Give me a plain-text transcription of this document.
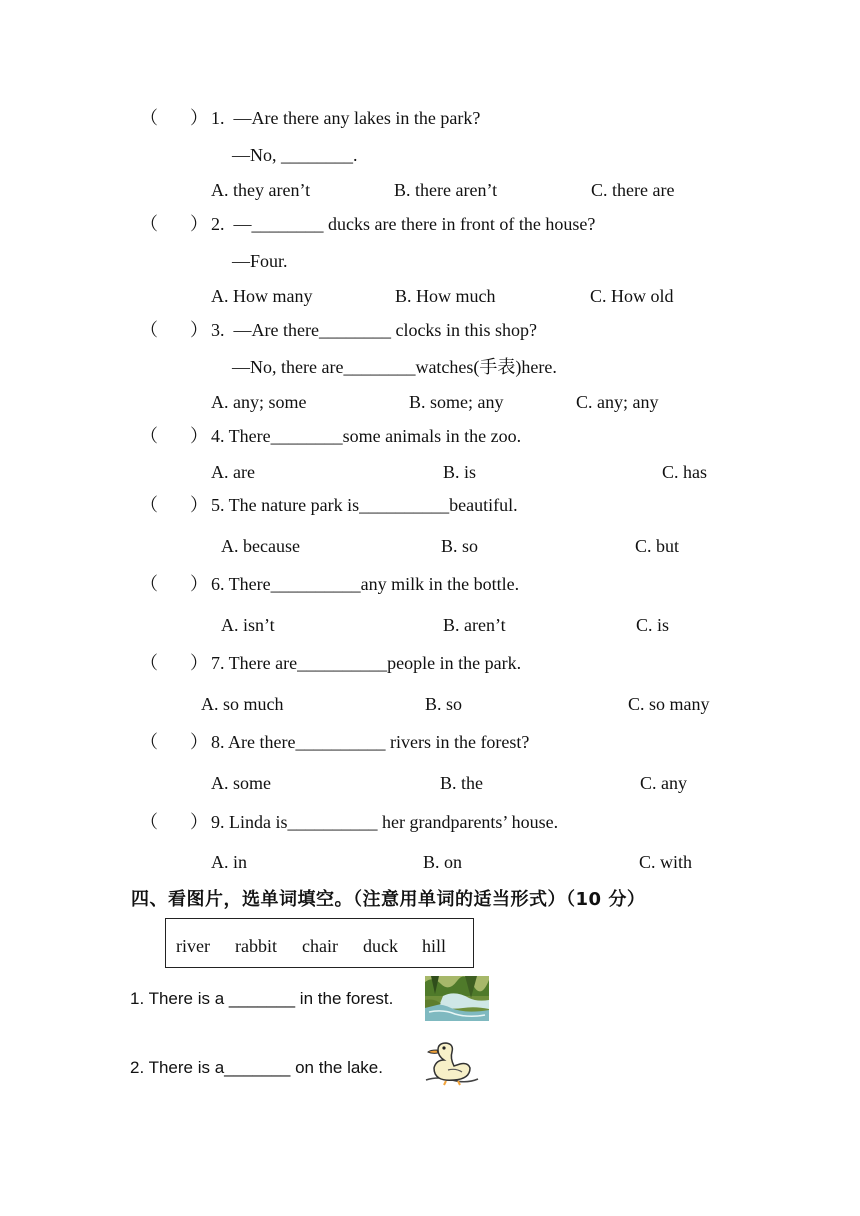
（ ） 1.  —Are there any lakes in the park?
—No, ________.
A. they aren’t	B. there aren’t	C. there are
（ ） 2.  —________ ducks are there in front of the house?
—Four.
A. How many	B. How much	C. How old
（ ） 3.  —Are there________ clocks in this shop?
—No, there are________watches(手表)here.
A. any; some	B. some; any	C. any; any
（ ） 4. There________some animals in the zoo.
A. are	B. is	C. has
（ ） 5. The nature park is__________beautiful.
A. because	B. so	C. but
（ ） 6. There__________any milk in the bottle.
A. isn’t	B. aren’t	C. is
（ ） 7. There are__________people in the park.
A. so much	B. so	C. so many
（ ） 8. Are there__________ rivers in the forest?
A. some	B. the	C. any
（ ） 9. Linda is__________ her grandparents’ house.
A. in	B. on	C. with
四、看图片，选单词填空。（注意用单词的适当形式）（10 分）
river rabbit chair duck hill
1. There is a _______ in the forest.
2. There is a_______ on the lake.
